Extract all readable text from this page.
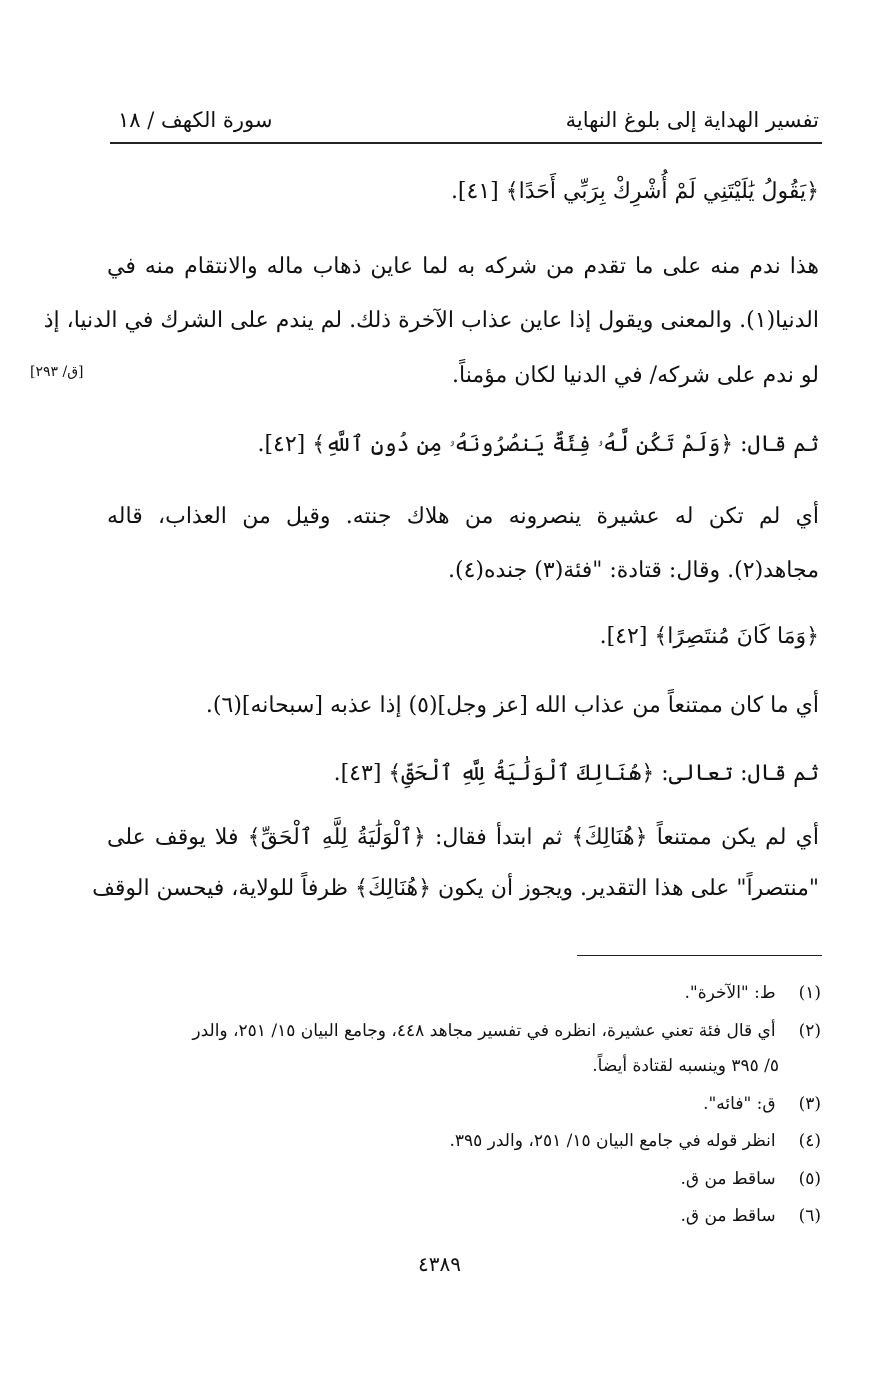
تفسير الهداية إلى بلوغ النهاية
سورة الكهف / ١٨
﴿يَقُولُ يَٰلَيْتَنِي لَمْ أُشْرِكْ بِرَبِّي أَحَدًا﴾ [٤١].
هذا ندم منه على ما تقدم من شركه به لما عاين ذهاب ماله والانتقام منه في
الدنيا(١). والمعنى ويقول إذا عاين عذاب الآخرة ذلك. لم يندم على الشرك في الدنيا، إذ
لو ندم على شركه/ في الدنيا لكان مؤمناً.
[ق/ ٢٩٣]
ثم قال: ﴿وَلَمْ تَكُن لَّهُۥ فِئَةٌ يَنصُرُونَهُۥ مِن دُونِ ٱللَّهِ﴾ [٤٢].
أي لم تكن له عشيرة ينصرونه من هلاك جنته. وقيل من العذاب، قاله
مجاهد(٢). وقال: قتادة: "فئة(٣) جنده(٤).
﴿وَمَا كَانَ مُنتَصِرًا﴾ [٤٢].
أي ما كان ممتنعاً من عذاب الله [عز وجل](٥) إذا عذبه [سبحانه](٦).
ثم قال: تعالى: ﴿هُنَالِكَ ٱلْوَلَٰيَةُ لِلَّهِ ٱلْحَقِّ﴾ [٤٣].
أي لم يكن ممتنعاً ﴿هُنَالِكَ﴾ ثم ابتدأ فقال: ﴿ٱلْوَلَٰيَةُ لِلَّهِ ٱلْحَقِّ﴾ فلا يوقف على
"منتصراً" على هذا التقدير. ويجوز أن يكون ﴿هُنَالِكَ﴾ ظرفاً للولاية، فيحسن الوقف
(١) ط: "الآخرة".
(٢) أي قال فئة تعني عشيرة، انظره في تفسير مجاهد ٤٤٨، وجامع البيان ١٥/ ٢٥١، والدر
٥/ ٣٩٥ وينسبه لقتادة أيضاً.
(٣) ق: "فائه".
(٤) انظر قوله في جامع البيان ١٥/ ٢٥١، والدر ٣٩٥.
(٥) ساقط من ق.
(٦) ساقط من ق.
٤٣٨٩
